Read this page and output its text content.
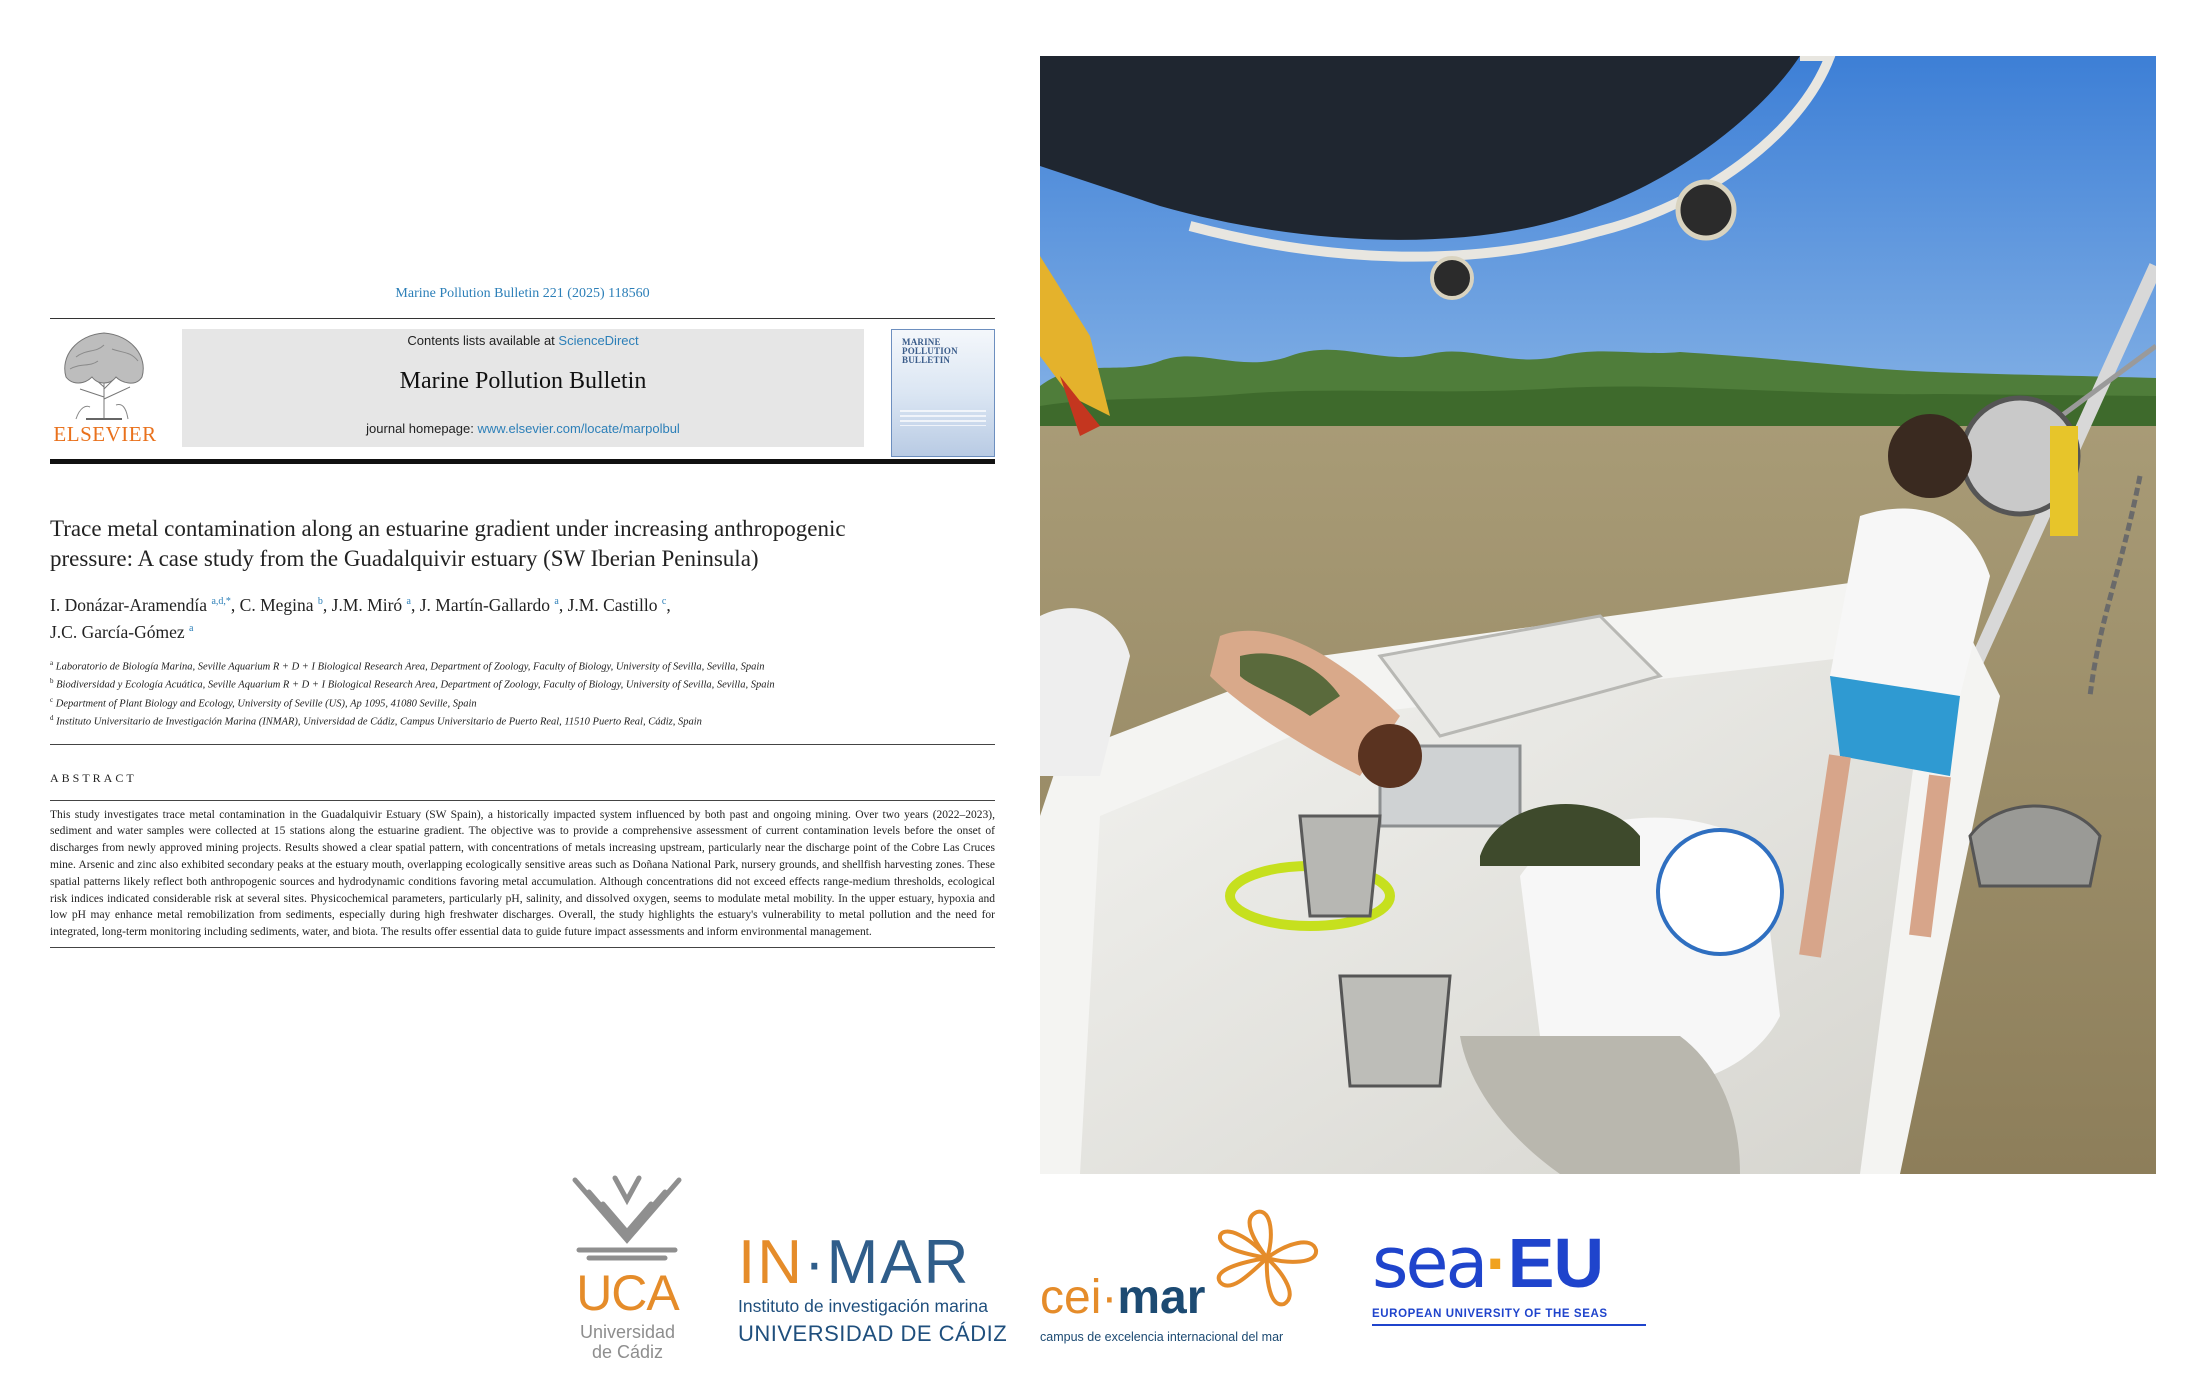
Marine Pollution Bulletin 221 (2025) 118560
ELSEVIER
Contents lists available at ScienceDirect
Marine Pollution Bulletin
journal homepage: www.elsevier.com/locate/marpolbul
MARINE
POLLUTION
BULLETIN
Trace metal contamination along an estuarine gradient under increasing anthropogenic pressure: A case study from the Guadalquivir estuary (SW Iberian Peninsula)
I. Donázar-Aramendía $^{a,d,*}$, C. Megina $^b$, J.M. Miró $^a$, J. Martín-Gallardo $^a$, J.M. Castillo $^c$,
J.C. García-Gómez $^a$
$^a$ Laboratorio de Biología Marina, Seville Aquarium R + D + I Biological Research Area, Department of Zoology, Faculty of Biology, University of Sevilla, Sevilla, Spain
$^b$ Biodiversidad y Ecología Acuática, Seville Aquarium R + D + I Biological Research Area, Department of Zoology, Faculty of Biology, University of Sevilla, Sevilla, Spain
$^c$ Department of Plant Biology and Ecology, University of Seville (US), Ap 1095, 41080 Seville, Spain
$^d$ Instituto Universitario de Investigación Marina (INMAR), Universidad de Cádiz, Campus Universitario de Puerto Real, 11510 Puerto Real, Cádiz, Spain
ABSTRACT
This study investigates trace metal contamination in the Guadalquivir Estuary (SW Spain), a historically impacted system influenced by both past and ongoing mining. Over two years (2022–2023), sediment and water samples were collected at 15 stations along the estuarine gradient. The objective was to provide a comprehensive assessment of current contamination levels before the onset of discharges from newly approved mining projects. Results showed a clear spatial pattern, with concentrations of metals increasing upstream, particularly near the discharge point of the Cobre Las Cruces mine. Arsenic and zinc also exhibited secondary peaks at the estuary mouth, overlapping ecologically sensitive areas such as Doñana National Park, nursery grounds, and shellfish harvesting zones. These spatial patterns likely reflect both anthropogenic sources and hydrodynamic conditions favoring metal accumulation. Although concentrations did not exceed effects range-medium thresholds, ecological risk indices indicated considerable risk at several sites. Physicochemical parameters, particularly pH, salinity, and dissolved oxygen, seems to modulate metal mobility. In the upper estuary, hypoxia and low pH may enhance metal remobilization from sediments, especially during high freshwater discharges. Overall, the study highlights the estuary's vulnerability to metal pollution and the need for integrated, long-term monitoring including sediments, water, and biota. The results offer essential data to guide future impact assessments and inform environmental management.
UCA
Universidad
de Cádiz
IN·MAR
Instituto de investigación marina
UNIVERSIDAD DE CÁDIZ
cei·mar
campus de excelencia internacional del mar
sea·EU
EUROPEAN UNIVERSITY OF THE SEAS
